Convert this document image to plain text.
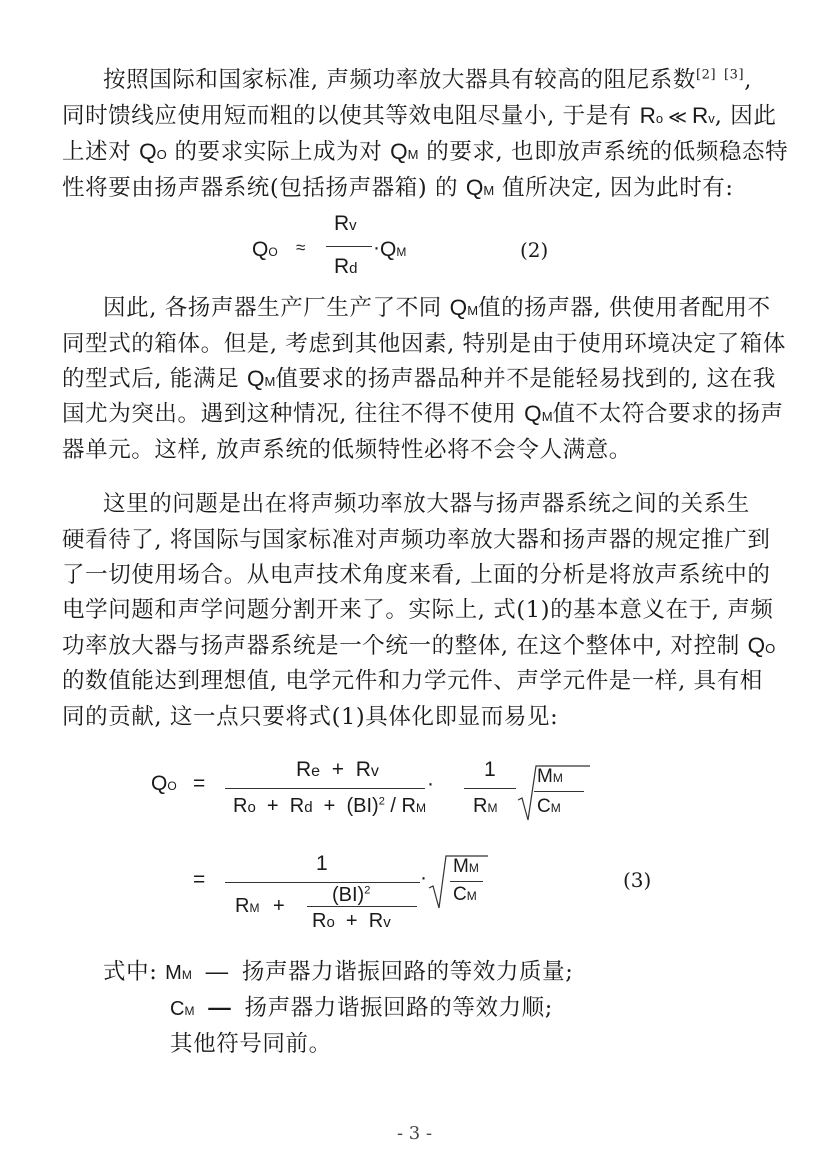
按照国际和国家标准, 声频功率放大器具有较高的阻尼系数[2] [3],
同时馈线应使用短而粗的以使其等效电阻尽量小, 于是有 Ro ≪ Rv, 因此
上述对 QO 的要求实际上成为对 QM 的要求, 也即放声系统的低频稳态特
性将要由扬声器系统(包括扬声器箱) 的 QM 值所决定, 因为此时有:
QO ≈
Rv
Rd
· QM	(2)
因此, 各扬声器生产厂生产了不同 QM值的扬声器, 供使用者配用不
同型式的箱体。但是, 考虑到其他因素, 特别是由于使用环境决定了箱体
的型式后, 能满足 QM值要求的扬声器品种并不是能轻易找到的, 这在我
国尤为突出。遇到这种情况, 往往不得不使用 QM值不太符合要求的扬声
器单元。这样, 放声系统的低频特性必将不会令人满意。
这里的问题是出在将声频功率放大器与扬声器系统之间的关系生
硬看待了, 将国际与国家标准对声频功率放大器和扬声器的规定推广到
了一切使用场合。从电声技术角度来看, 上面的分析是将放声系统中的
电学问题和声学问题分割开来了。实际上, 式(1)的基本意义在于, 声频
功率放大器与扬声器系统是一个统一的整体, 在这个整体中, 对控制 QO
的数值能达到理想值, 电学元件和力学元件、声学元件是一样, 具有相
同的贡献, 这一点只要将式(1)具体化即显而易见:
QO =
Re + Rv
Ro + Rd + (BI)$^2$ / RM
·
1
RM
MM
CM
=
1
RM + (BI)$^2$
Ro + Rv
· MM
CM
(3)
式中: MM — 扬声器力谐振回路的等效力质量;
CM — 扬声器力谐振回路的等效力顺;
其他符号同前。
- 3 -
